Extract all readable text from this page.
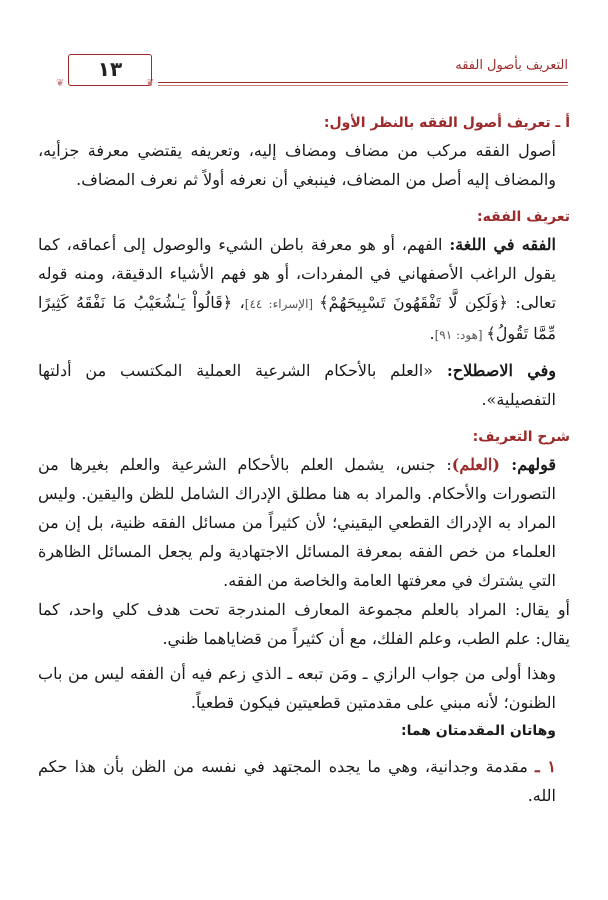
١٣
❦	❦
التعريف بأصول الفقه

أ ـ تعريف أصول الفقه بالنظر الأول:

أصول الفقه مركب من مضاف ومضاف إليه، وتعريفه يقتضي معرفة جزأيه، والمضاف إليه أصل من المضاف، فينبغي أن نعرفه أولاً ثم نعرف المضاف.

تعريف الفقه:

الفقه في اللغة: الفهم، أو هو معرفة باطن الشيء والوصول إلى أعماقه، كما يقول الراغب الأصفهاني في المفردات، أو هو فهم الأشياء الدقيقة، ومنه قوله تعالى: ﴿وَلَكِن لَّا تَفْقَهُونَ تَسْبِيحَهُمْ﴾ [الإسراء: ٤٤]، ﴿قَالُواْ يَـٰشُعَيْبُ مَا نَفْقَهُ كَثِيرًا مِّمَّا تَقُولُ﴾ [هود: ٩١].

وفي الاصطلاح: «العلم بالأحكام الشرعية العملية المكتسب من أدلتها التفصيلية».

شرح التعريف:

قولهم: (العلم): جنس، يشمل العلم بالأحكام الشرعية والعلم بغيرها من التصورات والأحكام. والمراد به هنا مطلق الإدراك الشامل للظن واليقين. وليس المراد به الإدراك القطعي اليقيني؛ لأن كثيراً من مسائل الفقه ظنية، بل إن من العلماء من خص الفقه بمعرفة المسائل الاجتهادية ولم يجعل المسائل الظاهرة التي يشترك في معرفتها العامة والخاصة من الفقه.

أو يقال: المراد بالعلم مجموعة المعارف المندرجة تحت هدف كلي واحد، كما يقال: علم الطب، وعلم الفلك، مع أن كثيراً من قضاياهما ظني.

وهذا أولى من جواب الرازي ـ ومَن تبعه ـ الذي زعم فيه أن الفقه ليس من باب الظنون؛ لأنه مبني على مقدمتين قطعيتين فيكون قطعياً.

وهاتان المقدمتان هما:

١ ـ مقدمة وجدانية، وهي ما يجده المجتهد في نفسه من الظن بأن هذا حكم الله.
